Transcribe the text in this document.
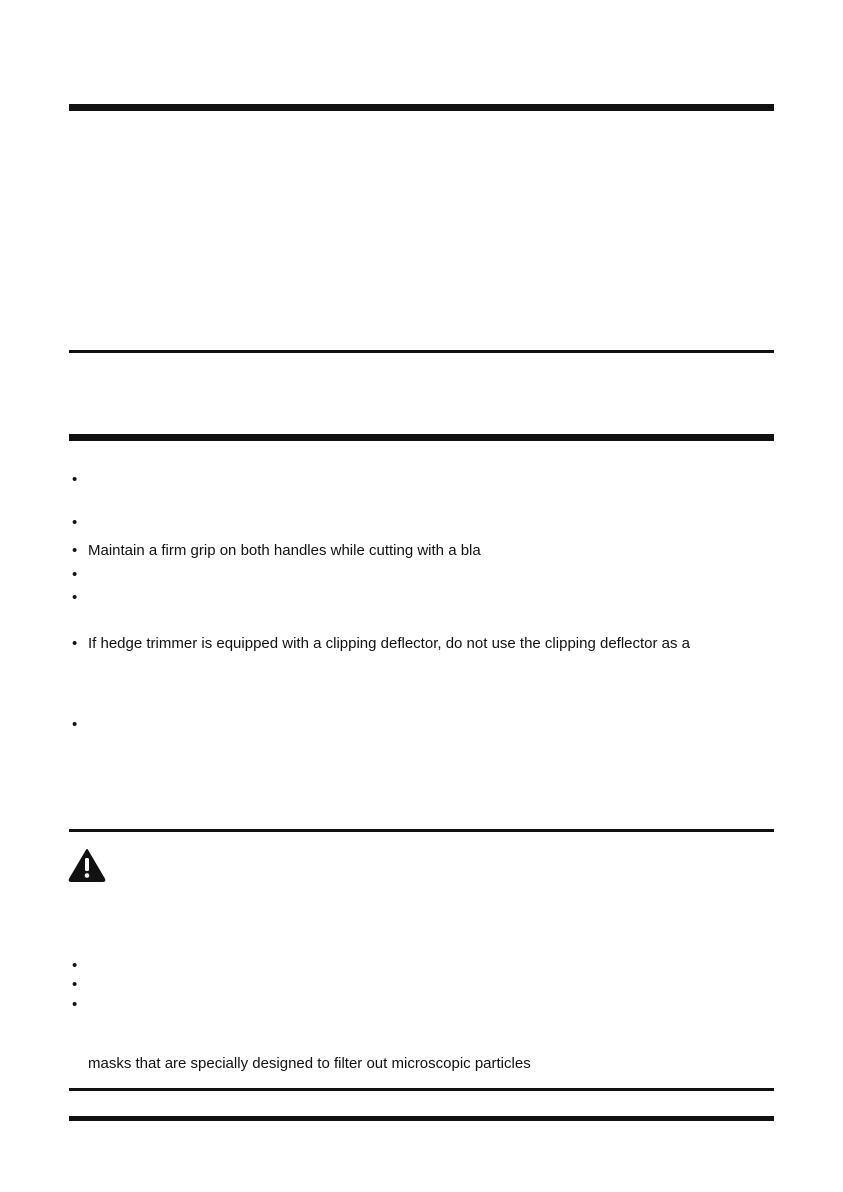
•
•
• Maintain a firm grip on both handles while cutting with a bla
•
•
• If hedge trimmer is equipped with a clipping deflector, do not use the clipping deflector as a
•
•
•
•
masks that are specially designed to filter out microscopic particles
